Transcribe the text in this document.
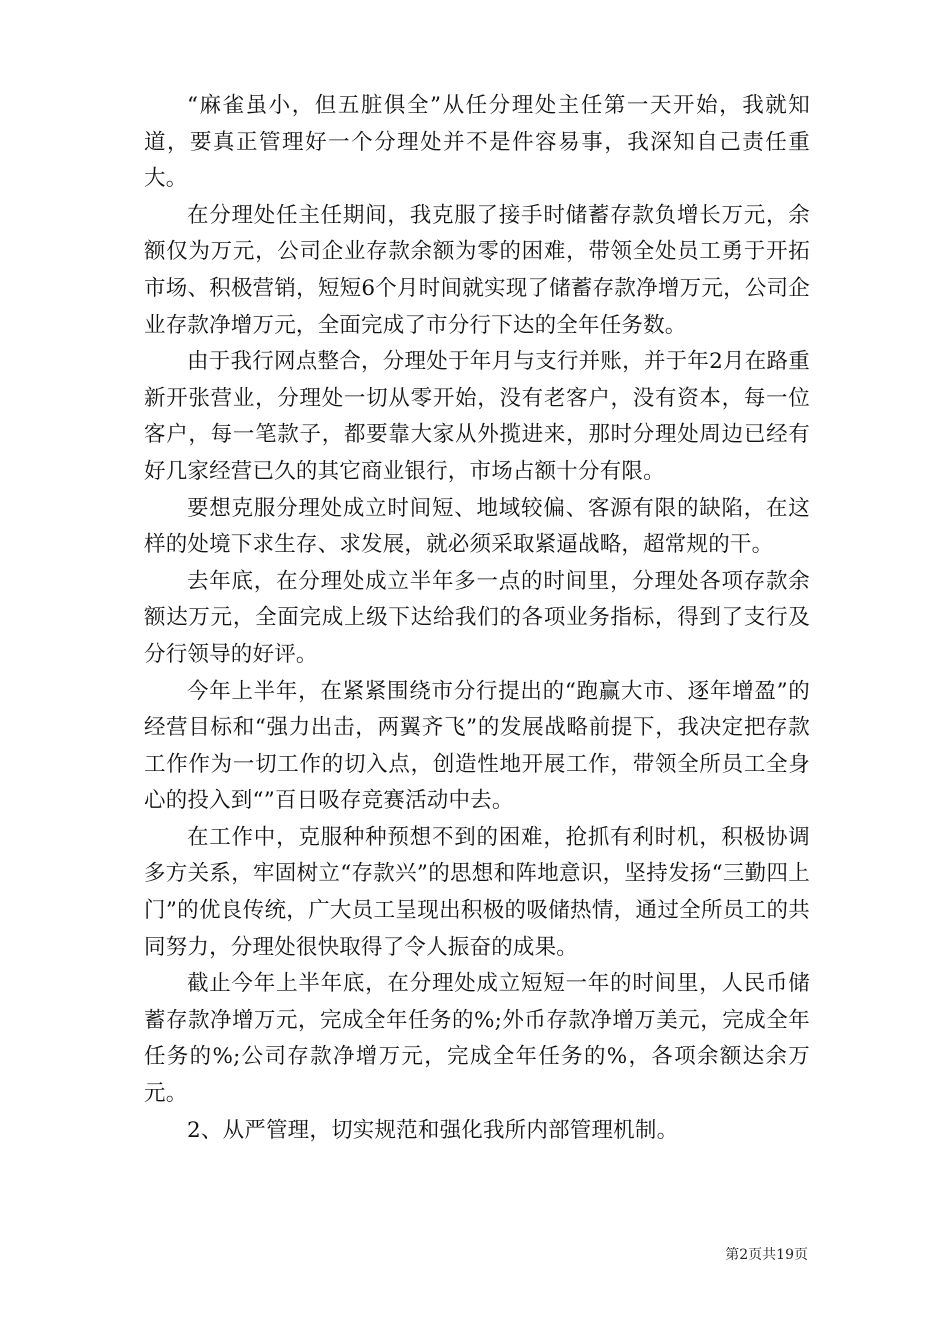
“麻雀虽小，但五脏俱全”从任分理处主任第一天开始，我就知道，要真正管理好一个分理处并不是件容易事，我深知自己责任重大。

在分理处任主任期间，我克服了接手时储蓄存款负增长万元，余额仅为万元，公司企业存款余额为零的困难，带领全处员工勇于开拓市场、积极营销，短短6个月时间就实现了储蓄存款净增万元，公司企业存款净增万元，全面完成了市分行下达的全年任务数。

由于我行网点整合，分理处于年月与支行并账，并于年2月在路重新开张营业，分理处一切从零开始，没有老客户，没有资本，每一位客户，每一笔款子，都要靠大家从外揽进来，那时分理处周边已经有好几家经营已久的其它商业银行，市场占额十分有限。

要想克服分理处成立时间短、地域较偏、客源有限的缺陷，在这样的处境下求生存、求发展，就必须采取紧逼战略，超常规的干。

去年底，在分理处成立半年多一点的时间里，分理处各项存款余额达万元，全面完成上级下达给我们的各项业务指标，得到了支行及分行领导的好评。

今年上半年，在紧紧围绕市分行提出的“跑赢大市、逐年增盈”的经营目标和“强力出击，两翼齐飞”的发展战略前提下，我决定把存款工作作为一切工作的切入点，创造性地开展工作，带领全所员工全身心的投入到“”百日吸存竞赛活动中去。

在工作中，克服种种预想不到的困难，抢抓有利时机，积极协调多方关系，牢固树立“存款兴”的思想和阵地意识，坚持发扬“三勤四上门”的优良传统，广大员工呈现出积极的吸储热情，通过全所员工的共同努力，分理处很快取得了令人振奋的成果。

截止今年上半年底，在分理处成立短短一年的时间里，人民币储蓄存款净增万元，完成全年任务的%;外币存款净增万美元，完成全年任务的%;公司存款净增万元，完成全年任务的%，各项余额达余万元。

2、从严管理，切实规范和强化我所内部管理机制。

第2页共19页
